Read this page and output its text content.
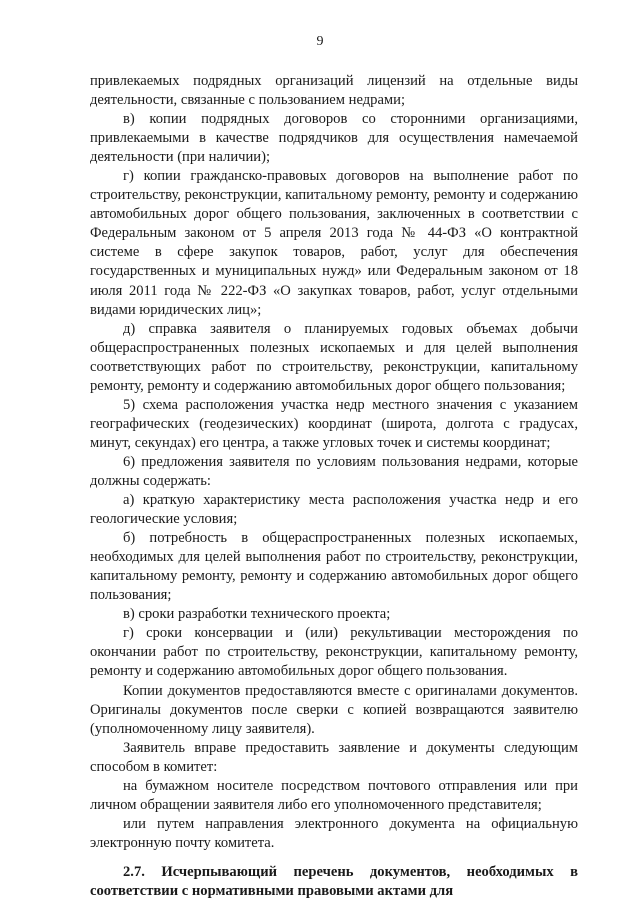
9

привлекаемых подрядных организаций лицензий на отдельные виды деятельности, связанные с пользованием недрами;

в) копии подрядных договоров со сторонними организациями, привлекаемыми в качестве подрядчиков для осуществления намечаемой деятельности (при наличии);

г) копии гражданско-правовых договоров на выполнение работ по строительству, реконструкции, капитальному ремонту, ремонту и содержанию автомобильных дорог общего пользования, заключенных в соответствии с Федеральным законом от 5 апреля 2013 года № 44-ФЗ «О контрактной системе в сфере закупок товаров, работ, услуг для обеспечения государственных и муниципальных нужд» или Федеральным законом от 18 июля 2011 года № 222-ФЗ «О закупках товаров, работ, услуг отдельными видами юридических лиц»;

д) справка заявителя о планируемых годовых объемах добычи общераспространенных полезных ископаемых и для целей выполнения соответствующих работ по строительству, реконструкции, капитальному ремонту, ремонту и содержанию автомобильных дорог общего пользования;

5) схема расположения участка недр местного значения с указанием географических (геодезических) координат (широта, долгота с градусах, минут, секундах) его центра, а также угловых точек и системы координат;

6) предложения заявителя по условиям пользования недрами, которые должны содержать:

а) краткую характеристику места расположения участка недр и его геологические условия;

б) потребность в общераспространенных полезных ископаемых, необходимых для целей выполнения работ по строительству, реконструкции, капитальному ремонту, ремонту и содержанию автомобильных дорог общего пользования;

в) сроки разработки технического проекта;

г) сроки консервации и (или) рекультивации месторождения по окончании работ по строительству, реконструкции, капитальному ремонту, ремонту и содержанию автомобильных дорог общего пользования.

Копии документов предоставляются вместе с оригиналами документов. Оригиналы документов после сверки с копией возвращаются заявителю (уполномоченному лицу заявителя).

Заявитель вправе предоставить заявление и документы следующим способом в комитет:

на бумажном носителе посредством почтового отправления или при личном обращении заявителя либо его уполномоченного представителя;

или путем направления электронного документа на официальную электронную почту комитета.

2.7. Исчерпывающий перечень документов, необходимых в соответствии с нормативными правовыми актами для
